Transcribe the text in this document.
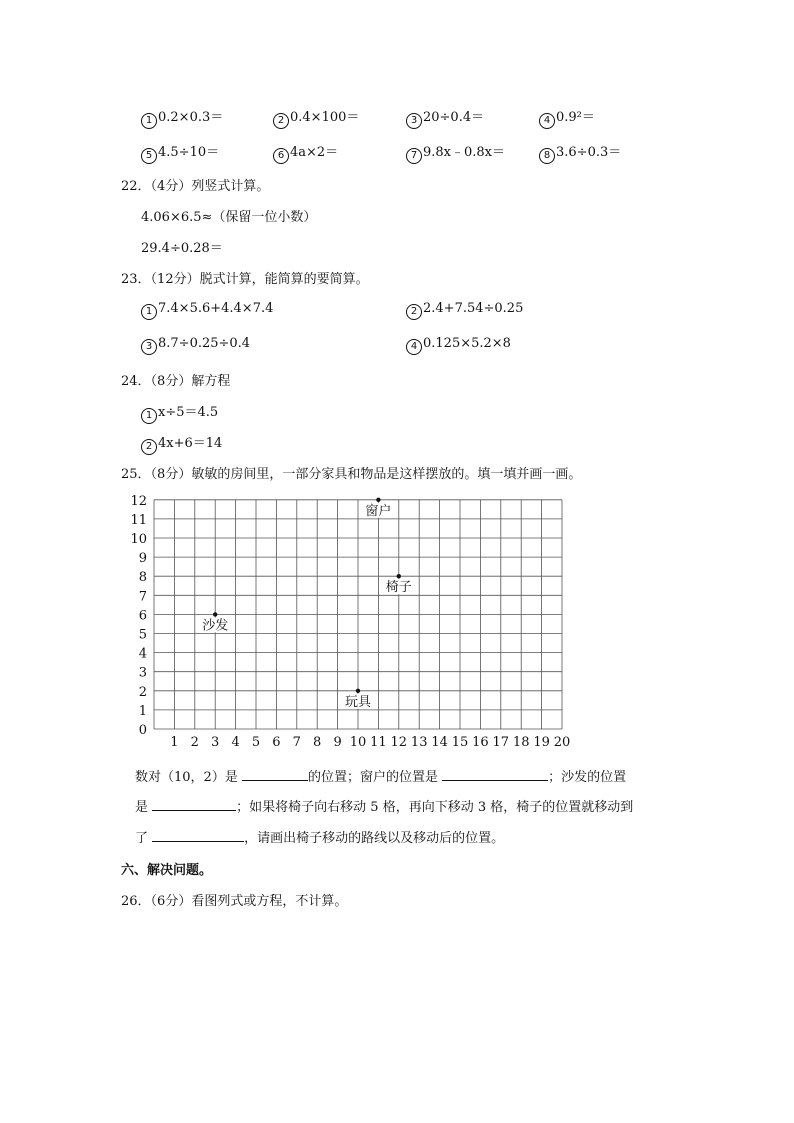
1 0.2×0.3＝	2 0.4×100＝	3 20÷0.4＝	4 0.9²＝
5 4.5÷10＝	6 4a×2＝	7 9.8x﹣0.8x＝	8 3.6÷0.3＝
22．（4分）列竖式计算。
4.06×6.5≈（保留一位小数）
29.4÷0.28＝
23．（12分）脱式计算，能简算的要简算。
1 7.4×5.6+4.4×7.4	2 2.4+7.54÷0.25
3 8.7÷0.25÷0.4	4 0.125×5.2×8
24．（8分）解方程
1 x÷5＝4.5
2 4x+6＝14
25．（8分）敏敏的房间里，一部分家具和物品是这样摆放的。填一填并画一画。
1 2 3 4 5 6 7 8 9 10 11 12 13 14 15 16 17 18 19 20
0
1
2
3
4
5
6
7
8
9
10
11
12
窗户
椅子
沙发
玩具
数对（10，2）是	的位置；窗户的位置是	；沙发的位置
是	；如果将椅子向右移动 5 格，再向下移动 3 格，椅子的位置就移动到
了	，请画出椅子移动的路线以及移动后的位置。
六、解决问题。
26．（6分）看图列式或方程，不计算。
